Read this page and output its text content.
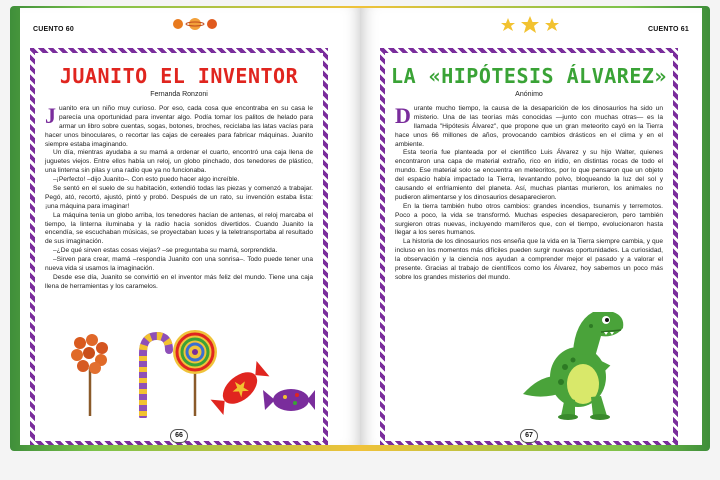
CUENTO 60
JUANITO EL INVENTOR
Fernanda Ronzoni

Juanito era un niño muy curioso. Por eso, cada cosa que encontraba en su casa le parecía una oportunidad para inventar algo. Podía tomar los palitos de helado para armar un libro sobre cuentas, sogas, botones, broches, reciclaba las latas vacías para hacer unos binoculares, o recortar las cajas de cereales para fabricar máquinas. Juanito siempre estaba imaginando.

Un día, mientras ayudaba a su mamá a ordenar el cuarto, encontró una caja llena de juguetes viejos. Entre ellos había un reloj, un globo pinchado, dos tenedores de plástico, una linterna sin pilas y una radio que ya no funcionaba.

–¡Perfecto! –dijo Juanito–. Con esto puedo hacer algo increíble.

Se sentó en el suelo de su habitación, extendió todas las piezas y comenzó a trabajar. Pegó, ató, recortó, ajustó, pintó y probó. Después de un rato, su invención estaba lista: ¡una máquina para imaginar!

La máquina tenía un globo arriba, los tenedores hacían de antenas, el reloj marcaba el tiempo, la linterna iluminaba y la radio hacía sonidos divertidos. Cuando Juanito la encendía, se escuchaban músicas, se proyectaban luces y la teletransportaba al resultado de sus imaginación.

–¿De qué sirven estas cosas viejas? –se preguntaba su mamá, sorprendida.

–Sirven para crear, mamá –respondía Juanito con una sonrisa–. Todo puede tener una nueva vida si usamos la imaginación.

Desde ese día, Juanito se convirtió en el inventor más feliz del mundo. Tiene una caja llena de herramientas y los caramelos.

66
CUENTO 61
LA «HIPÓTESIS ÁLVAREZ»
Anónimo

Durante mucho tiempo, la causa de la desaparición de los dinosaurios ha sido un misterio. Una de las teorías más conocidas —junto con muchas otras— es la llamada "Hipótesis Álvarez", que propone que un gran meteorito cayó en la Tierra hace unos 66 millones de años, provocando cambios drásticos en el clima y en el ambiente.

Esta teoría fue planteada por el científico Luis Álvarez y su hijo Walter, quienes encontraron una capa de material extraño, rico en iridio, en distintas rocas de todo el mundo. Ese material solo se encuentra en meteoritos, por lo que pensaron que un objeto del espacio había impactado la Tierra, levantando polvo, bloqueando la luz del sol y causando el enfriamiento del planeta. Así, muchas plantas murieron, los animales no pudieron alimentarse y los dinosaurios desaparecieron.

En la tierra también hubo otros cambios: grandes incendios, tsunamis y terremotos. Poco a poco, la vida se transformó. Muchas especies desaparecieron, pero también surgieron otras nuevas, incluyendo mamíferos que, con el tiempo, evolucionaron hasta llegar a los seres humanos.

La historia de los dinosaurios nos enseña que la vida en la Tierra siempre cambia, y que incluso en los momentos más difíciles pueden surgir nuevas oportunidades. La curiosidad, la observación y la ciencia nos ayudan a comprender mejor el pasado y a valorar el presente. Gracias al trabajo de científicos como los Álvarez, hoy sabemos un poco más sobre los grandes misterios del mundo.

67
